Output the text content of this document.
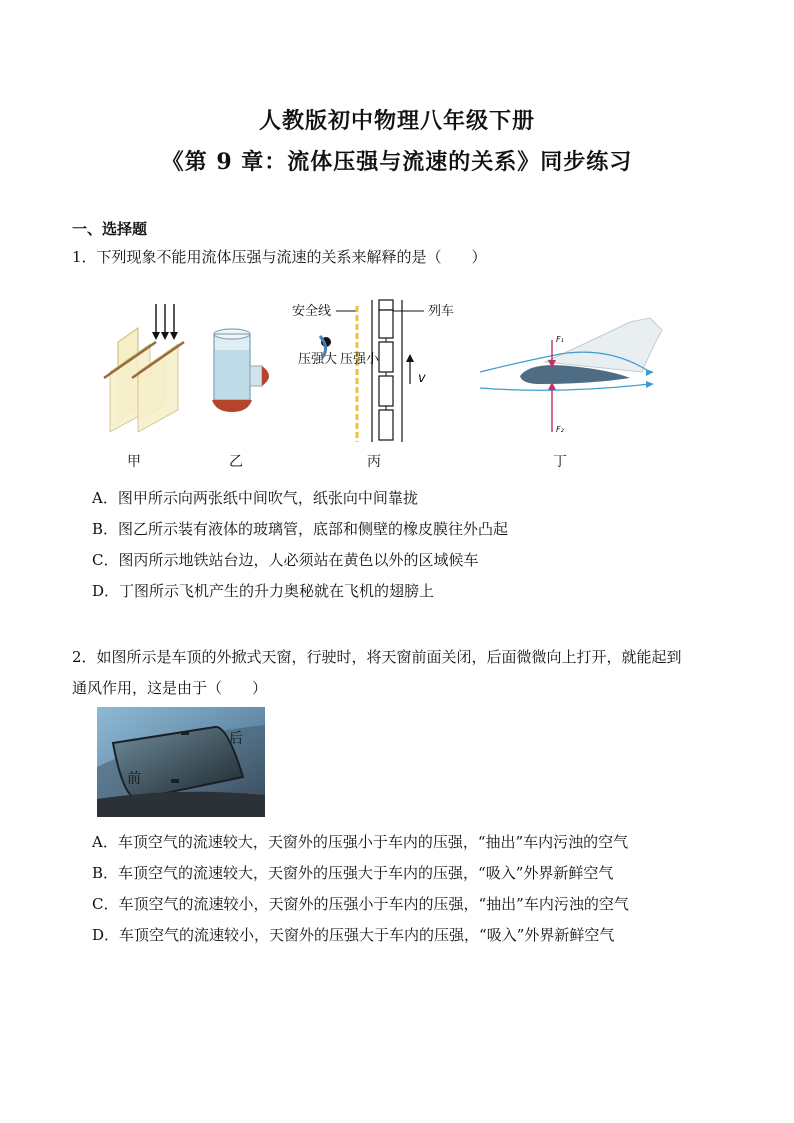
人教版初中物理八年级下册
《第 9 章：流体压强与流速的关系》同步练习
一、选择题
1．下列现象不能用流体压强与流速的关系来解释的是（　　）
安全线
压强大 压强小
列车
v
F₁
F₂
甲	乙	丙	丁
A．图甲所示向两张纸中间吹气，纸张向中间靠拢
B．图乙所示装有液体的玻璃管，底部和侧壁的橡皮膜往外凸起
C．图丙所示地铁站台边，人必须站在黄色以外的区域候车
D．丁图所示飞机产生的升力奥秘就在飞机的翅膀上
2．如图所示是车顶的外掀式天窗，行驶时，将天窗前面关闭，后面微微向上打开，就能起到
通风作用，这是由于（　　）
后
前
A．车顶空气的流速较大，天窗外的压强小于车内的压强，“抽出”车内污浊的空气
B．车顶空气的流速较大，天窗外的压强大于车内的压强，“吸入”外界新鲜空气
C．车顶空气的流速较小，天窗外的压强小于车内的压强，“抽出”车内污浊的空气
D．车顶空气的流速较小，天窗外的压强大于车内的压强，“吸入”外界新鲜空气
